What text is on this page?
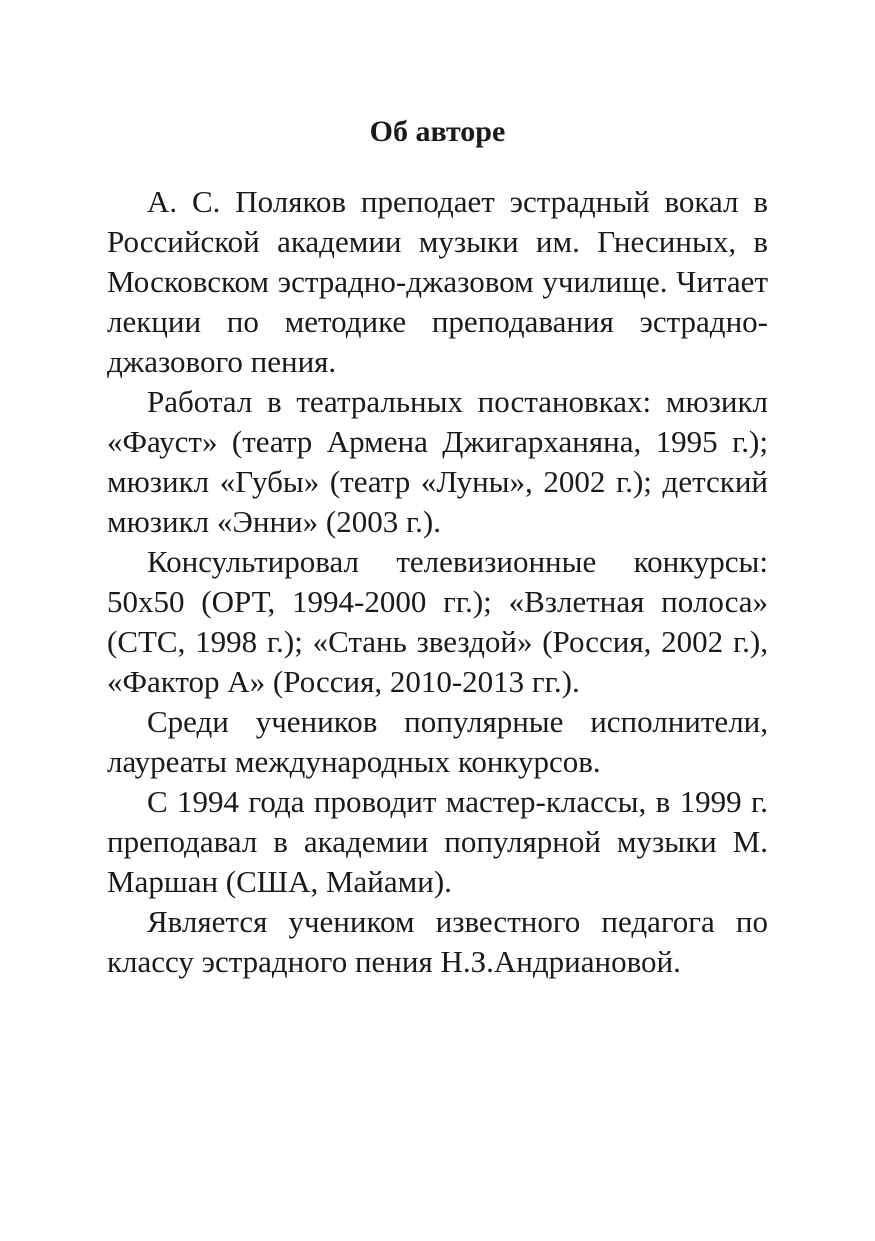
Об авторе

А. С. Поляков преподает эстрадный вокал в Российской академии музыки им. Гнесиных, в Московском эстрадно-джазовом училище. Читает лекции по методике преподавания эстрадно-джазового пения.

Работал в театральных постановках: мюзикл «Фауст» (театр Армена Джигарханяна, 1995 г.); мюзикл «Губы» (театр «Луны», 2002 г.); детский мюзикл «Энни» (2003 г.).

Консультировал телевизионные конкурсы: 50х50 (ОРТ, 1994-2000 гг.); «Взлетная полоса» (СТС, 1998 г.); «Стань звездой» (Россия, 2002 г.), «Фактор А» (Россия, 2010-2013 гг.).

Среди учеников популярные исполнители, лауреаты международных конкурсов.

С 1994 года проводит мастер-классы, в 1999 г. преподавал в академии популярной музыки М. Маршан (США, Майами).

Является учеником известного педагога по классу эстрадного пения Н.З.Андриановой.
